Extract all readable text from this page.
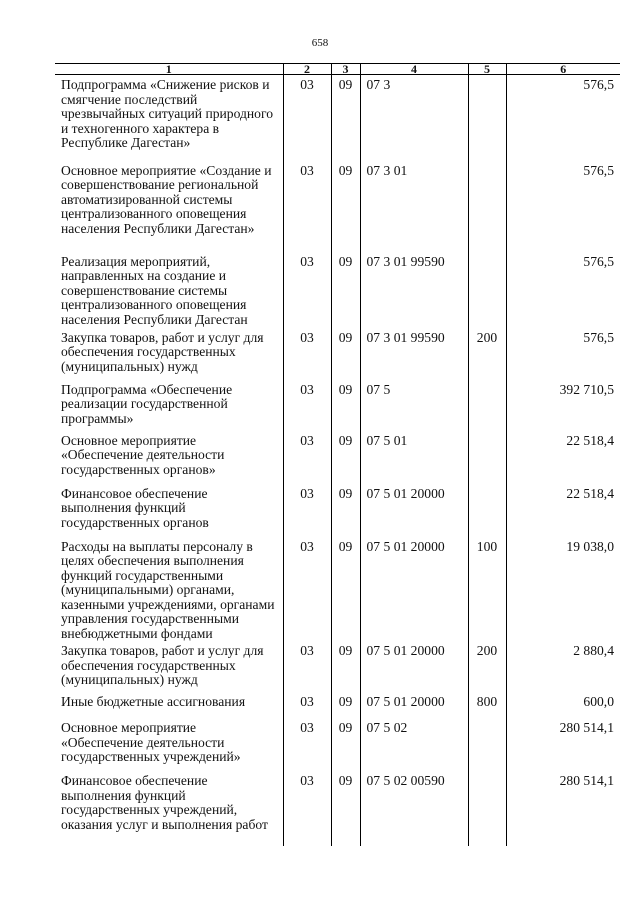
658
1	2	3	4	5	6
Подпрограмма «Снижение рисков и смягчение последствий чрезвычайных ситуаций природного и техногенного характера в Республике Дагестан»	03	09	07 3		576,5
Основное мероприятие «Создание и совершенствование региональной автоматизированной системы централизованного оповещения населения Республики Дагестан»	03	09	07 3 01		576,5
Реализация мероприятий, направленных на создание и совершенствование системы централизованного оповещения населения Республики Дагестан	03	09	07 3 01 99590		576,5
Закупка товаров, работ и услуг для обеспечения государственных (муниципальных) нужд	03	09	07 3 01 99590	200	576,5
Подпрограмма «Обеспечение реализации государственной программы»	03	09	07 5		392 710,5
Основное мероприятие «Обеспечение деятельности государственных органов»	03	09	07 5 01		22 518,4
Финансовое обеспечение выполнения функций государственных органов	03	09	07 5 01 20000		22 518,4
Расходы на выплаты персоналу в целях обеспечения выполнения функций государственными (муниципальными) органами, казенными учреждениями, органами управления государственными внебюджетными фондами	03	09	07 5 01 20000	100	19 038,0
Закупка товаров, работ и услуг для обеспечения государственных (муниципальных) нужд	03	09	07 5 01 20000	200	2 880,4
Иные бюджетные ассигнования	03	09	07 5 01 20000	800	600,0
Основное мероприятие «Обеспечение деятельности государственных учреждений»	03	09	07 5 02		280 514,1
Финансовое обеспечение выполнения функций государственных учреждений, оказания услуг и выполнения работ	03	09	07 5 02 00590		280 514,1
